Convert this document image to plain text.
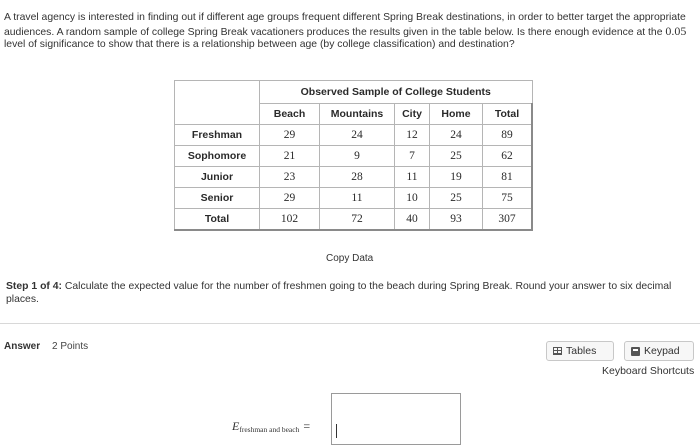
A travel agency is interested in finding out if different age groups frequent different Spring Break destinations, in order to better target the appropriate audiences. A random sample of college Spring Break vacationers produces the results given in the table below. Is there enough evidence at the 0.05 level of significance to show that there is a relationship between age (by college classification) and destination?
	Observed Sample of College Students				
	Beach	Mountains	City	Home	Total
Freshman	29	24	12	24	89
Sophomore	21	9	7	25	62
Junior	23	28	11	19	81
Senior	29	11	10	25	75
Total	102	72	40	93	307
Copy Data
Step 1 of 4: Calculate the expected value for the number of freshmen going to the beach during Spring Break. Round your answer to six decimal places.
Answer 2 Points	Tables	Keypad
Keyboard Shortcuts
Efreshman and beach =
